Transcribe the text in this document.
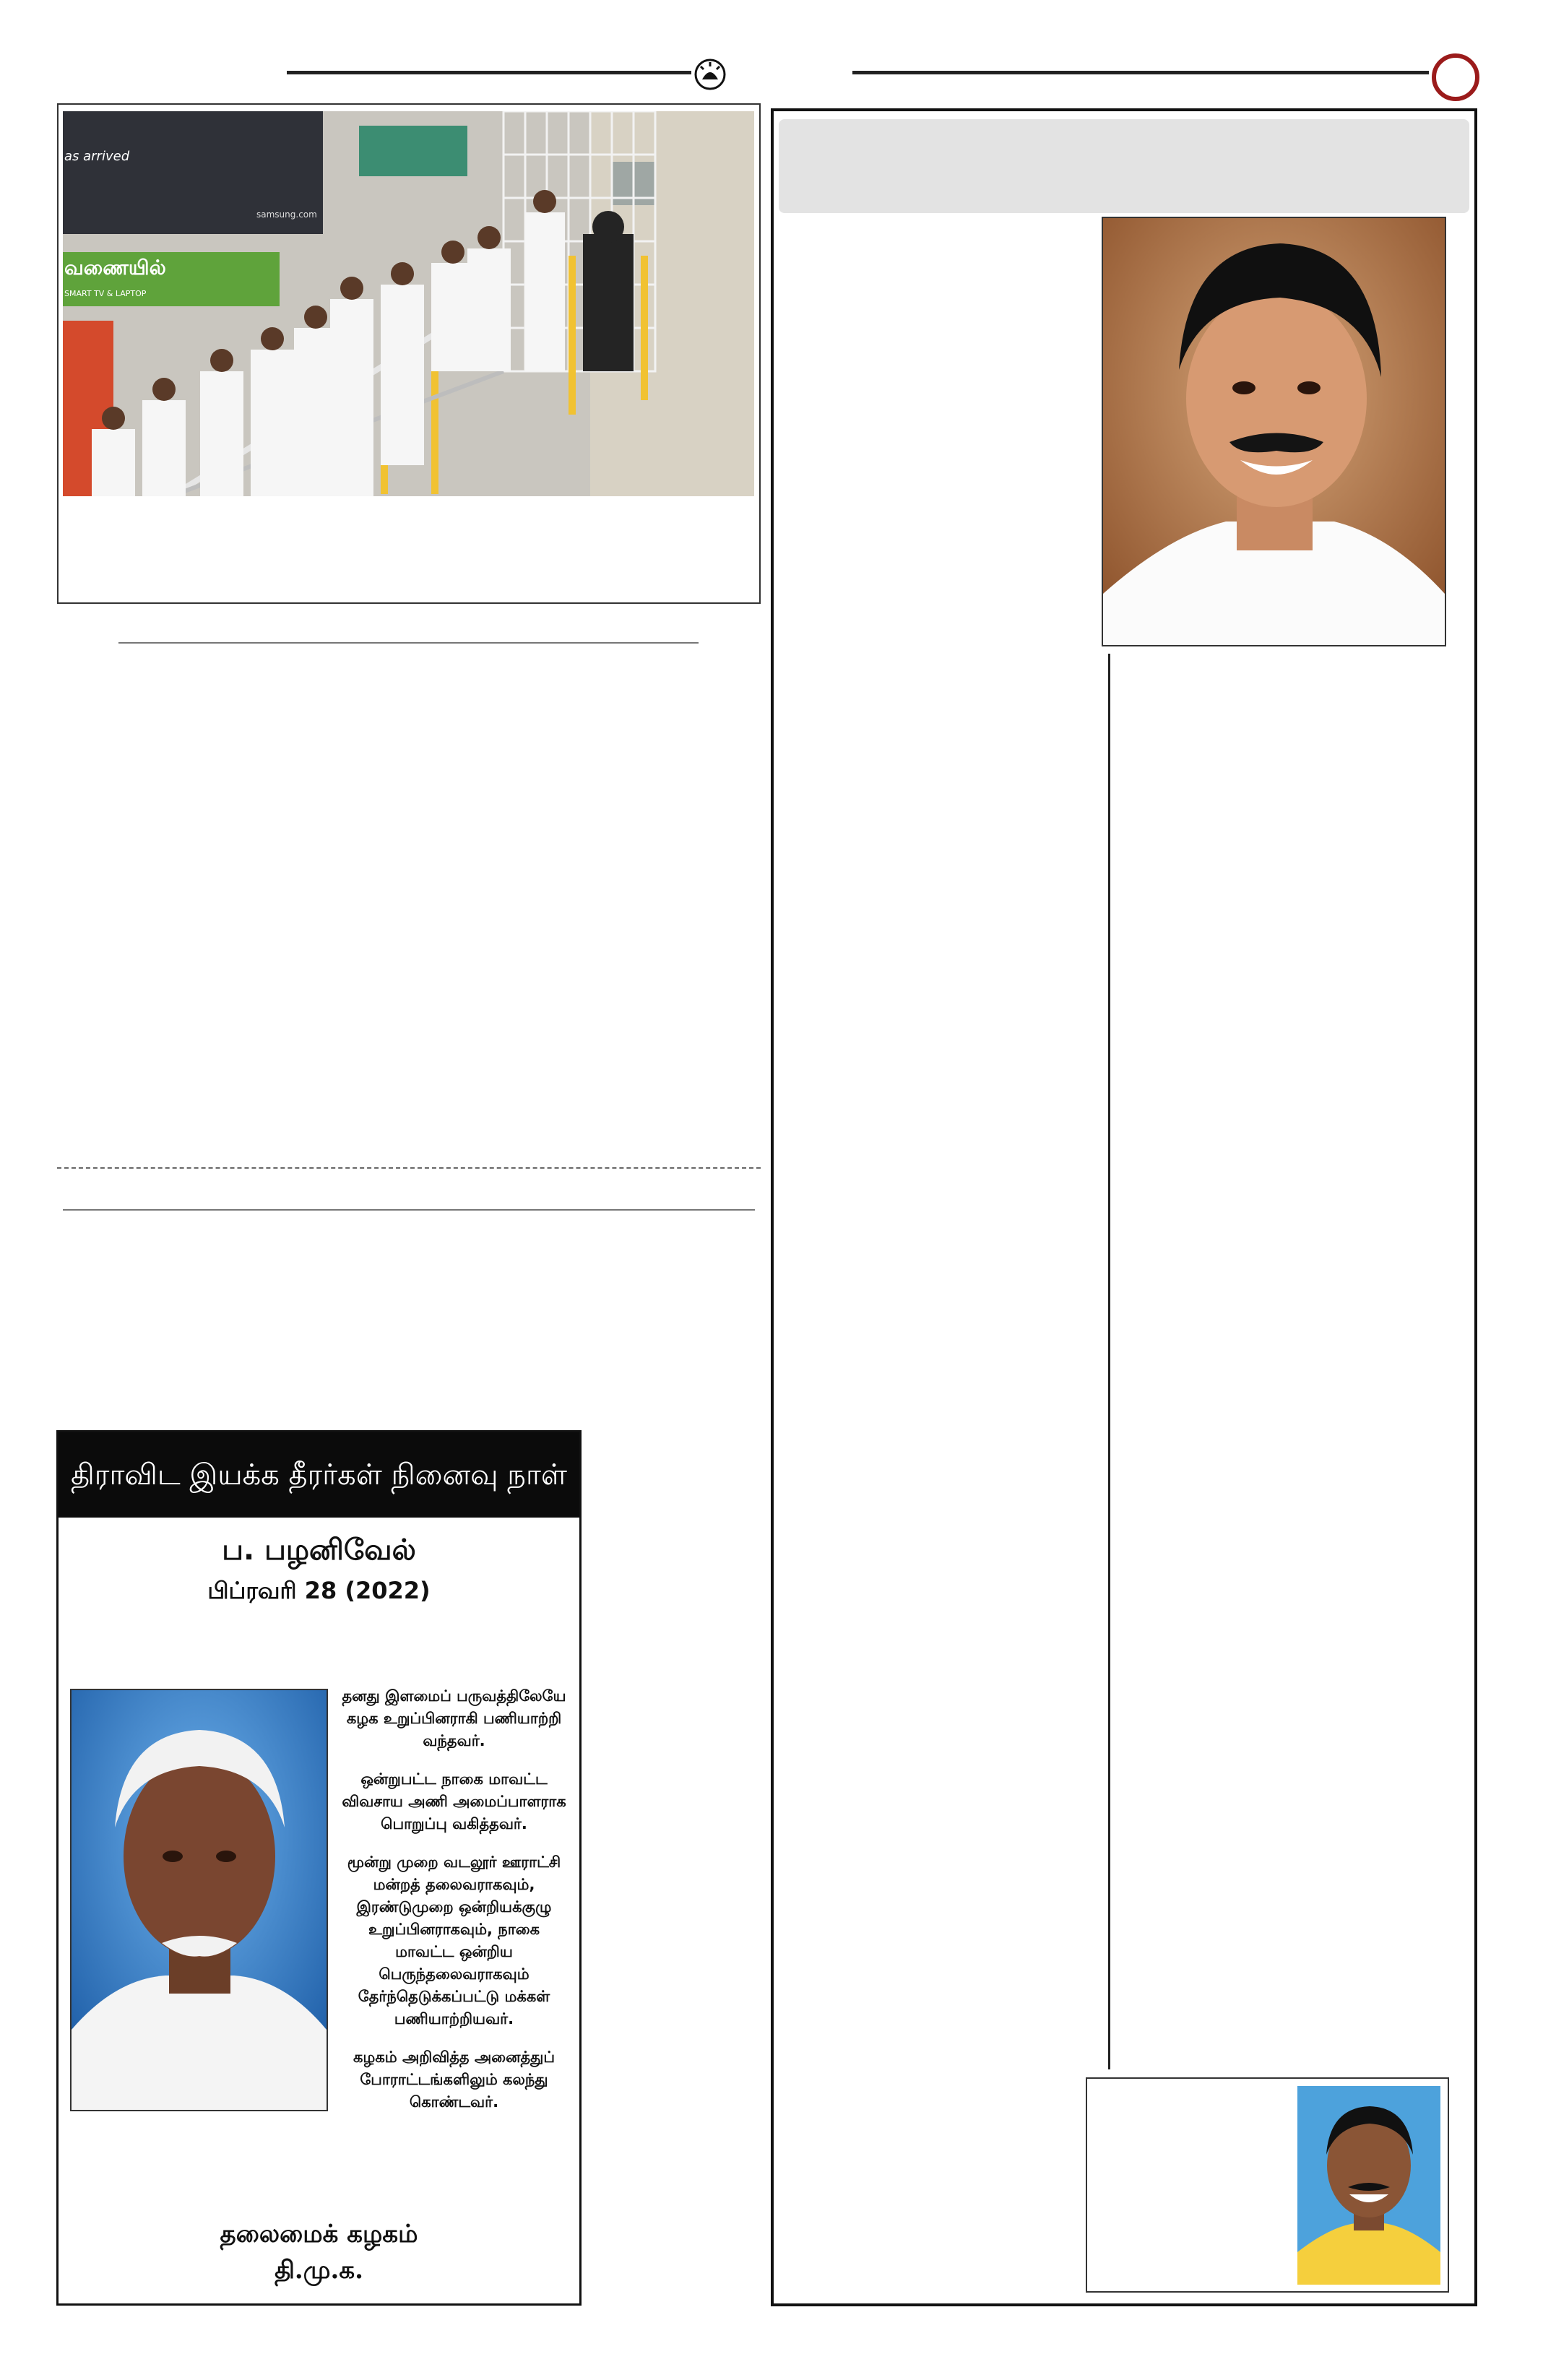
as arrived
samsung.com
வணையில்
SMART TV & LAPTOP
திராவிட இயக்க தீரர்கள் நினைவு நாள்
ப. பழனிவேல்
பிப்ரவரி 28 (2022)

தனது இளமைப் பருவத்திலேயே கழக உறுப்பினராகி பணியாற்றி வந்தவர்.

ஒன்றுபட்ட நாகை மாவட்ட விவசாய அணி அமைப்பாளராக பொறுப்பு வகித்தவர்.

மூன்று முறை வடலூர் ஊராட்சி மன்றத் தலைவராகவும், இரண்டுமுறை ஒன்றியக்குழு உறுப்பினராகவும், நாகை மாவட்ட ஒன்றிய பெருந்தலைவராகவும் தேர்ந்தெடுக்கப்பட்டு மக்கள் பணியாற்றியவர்.

கழகம் அறிவித்த அனைத்துப் போராட்டங்களிலும் கலந்து கொண்டவர்.

தலைமைக் கழகம்
தி.மு.க.
